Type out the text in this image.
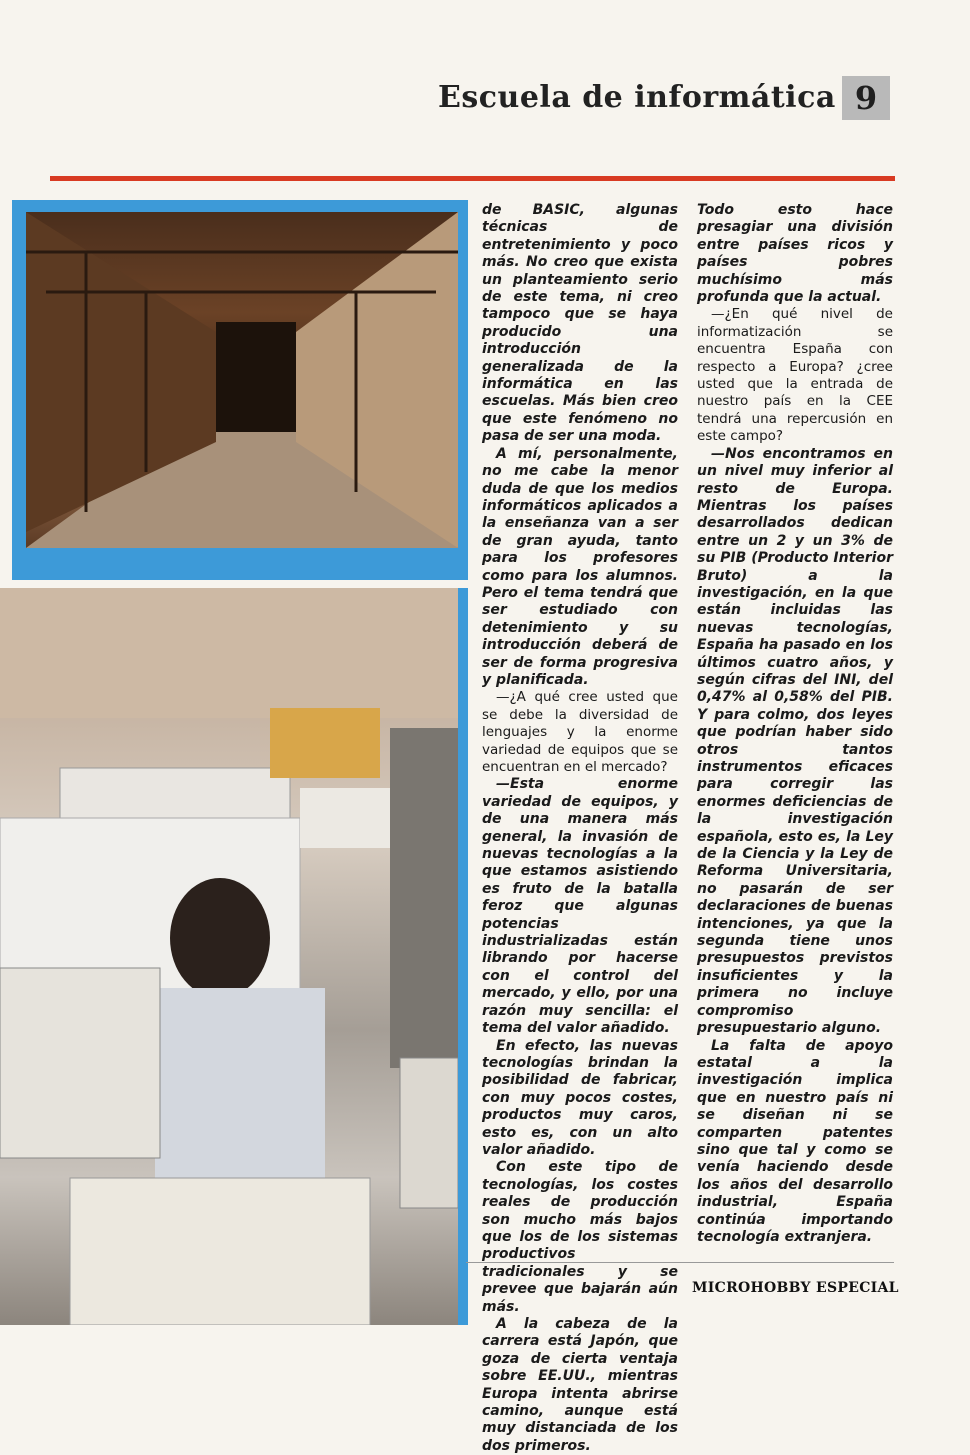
Escuela de informática 9

de BASIC, algunas técnicas de entretenimiento y poco más. No creo que exista un planteamiento serio de este tema, ni creo tampoco que se haya producido una introducción generalizada de la informática en las escuelas. Más bien creo que este fenómeno no pasa de ser una moda.

A mí, personalmente, no me cabe la menor duda de que los medios informáticos aplicados a la enseñanza van a ser de gran ayuda, tanto para los profesores como para los alumnos. Pero el tema tendrá que ser estudiado con detenimiento y su introducción deberá de ser de forma progresiva y planificada.

—¿A qué cree usted que se debe la diversidad de lenguajes y la enorme variedad de equipos que se encuentran en el mercado?

—Esta enorme variedad de equipos, y de una manera más general, la invasión de nuevas tecnologías a la que estamos asistiendo es fruto de la batalla feroz que algunas potencias industrializadas están librando por hacerse con el control del mercado, y ello, por una razón muy sencilla: el tema del valor añadido.

En efecto, las nuevas tecnologías brindan la posibilidad de fabricar, con muy pocos costes, productos muy caros, esto es, con un alto valor añadido.

Con este tipo de tecnologías, los costes reales de producción son mucho más bajos que los de los sistemas productivos tradicionales y se prevee que bajarán aún más.

A la cabeza de la carrera está Japón, que goza de cierta ventaja sobre EE.UU., mientras Europa intenta abrirse camino, aunque está muy distanciada de los dos primeros.

Todo esto hace presagiar una división entre países ricos y países pobres muchísimo más profunda que la actual.

—¿En qué nivel de informatización se encuentra España con respecto a Europa? ¿cree usted que la entrada de nuestro país en la CEE tendrá una repercusión en este campo?

—Nos encontramos en un nivel muy inferior al resto de Europa. Mientras los países desarrollados dedican entre un 2 y un 3% de su PIB (Producto Interior Bruto) a la investigación, en la que están incluidas las nuevas tecnologías, España ha pasado en los últimos cuatro años, y según cifras del INI, del 0,47% al 0,58% del PIB. Y para colmo, dos leyes que podrían haber sido otros tantos instrumentos eficaces para corregir las enormes deficiencias de la investigación española, esto es, la Ley de la Ciencia y la Ley de Reforma Universitaria, no pasarán de ser declaraciones de buenas intenciones, ya que la segunda tiene unos presupuestos previstos insuficientes y la primera no incluye compromiso presupuestario alguno.

La falta de apoyo estatal a la investigación implica que en nuestro país ni se diseñan ni se comparten patentes sino que tal y como se venía haciendo desde los años del desarrollo industrial, España continúa importando tecnología extranjera.

MICROHOBBY ESPECIAL
